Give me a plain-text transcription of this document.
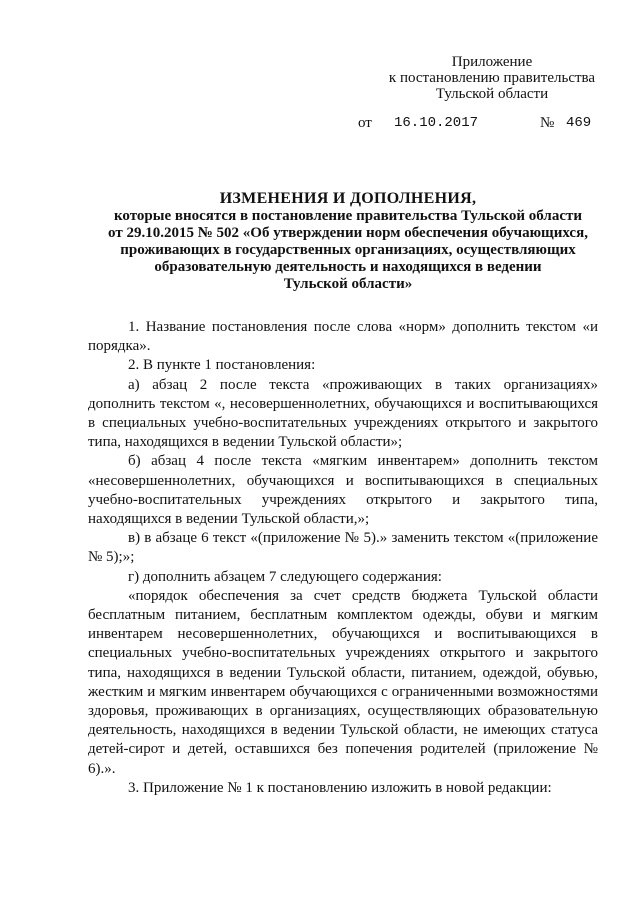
Приложение
к постановлению правительства
Тульской области
от 16.10.2017	№ 469
ИЗМЕНЕНИЯ И ДОПОЛНЕНИЯ,
которые вносятся в постановление правительства Тульской области
от 29.10.2015 № 502 «Об утверждении норм обеспечения обучающихся,
проживающих в государственных организациях, осуществляющих
образовательную деятельность и находящихся в ведении
Тульской области»

1. Название постановления после слова «норм» дополнить текстом «и порядка».

2. В пункте 1 постановления:

а) абзац 2 после текста «проживающих в таких организациях» дополнить текстом «, несовершеннолетних, обучающихся и воспитывающихся в специальных учебно-воспитательных учреждениях открытого и закрытого типа, находящихся в ведении Тульской области»;

б) абзац 4 после текста «мягким инвентарем» дополнить текстом «несовершеннолетних, обучающихся и воспитывающихся в специальных учебно-воспитательных учреждениях открытого и закрытого типа, находящихся в ведении Тульской области,»;

в) в абзаце 6 текст «(приложение № 5).» заменить текстом «(приложение № 5);»;

г) дополнить абзацем 7 следующего содержания:

«порядок обеспечения за счет средств бюджета Тульской области бесплатным питанием, бесплатным комплектом одежды, обуви и мягким инвентарем несовершеннолетних, обучающихся и воспитывающихся в специальных учебно-воспитательных учреждениях открытого и закрытого типа, находящихся в ведении Тульской области, питанием, одеждой, обувью, жестким и мягким инвентарем обучающихся с ограниченными возможностями здоровья, проживающих в организациях, осуществляющих образовательную деятельность, находящихся в ведении Тульской области, не имеющих статуса детей-сирот и детей, оставшихся без попечения родителей (приложение № 6).».

3. Приложение № 1 к постановлению изложить в новой редакции:
